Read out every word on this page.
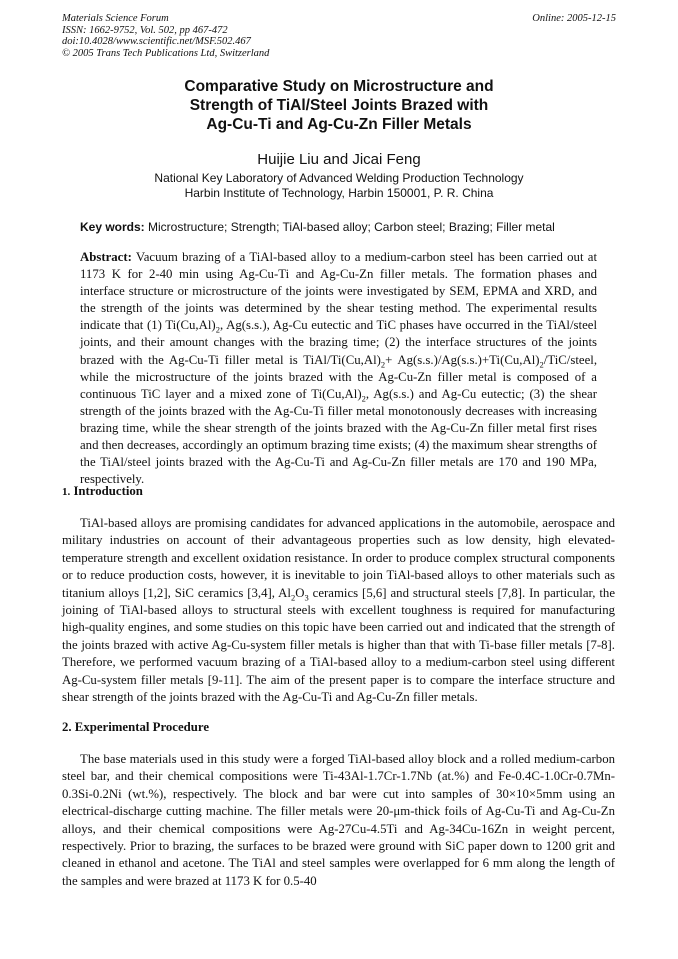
Materials Science Forum
ISSN: 1662-9752, Vol. 502, pp 467-472
doi:10.4028/www.scientific.net/MSF.502.467
© 2005 Trans Tech Publications Ltd, Switzerland
Online: 2005-12-15
Comparative Study on Microstructure and
Strength of TiAl/Steel Joints Brazed with
Ag-Cu-Ti and Ag-Cu-Zn Filler Metals
Huijie Liu and Jicai Feng
National Key Laboratory of Advanced Welding Production Technology
Harbin Institute of Technology, Harbin 150001, P. R. China
Key words: Microstructure; Strength; TiAl-based alloy; Carbon steel; Brazing; Filler metal
Abstract: Vacuum brazing of a TiAl-based alloy to a medium-carbon steel has been carried out at 1173 K for 2-40 min using Ag-Cu-Ti and Ag-Cu-Zn filler metals. The formation phases and interface structure or microstructure of the joints were investigated by SEM, EPMA and XRD, and the strength of the joints was determined by the shear testing method. The experimental results indicate that (1) $Ti(Cu,Al)_2$, Ag(s.s.), Ag-Cu eutectic and TiC phases have occurred in the TiAl/steel joints, and their amount changes with the brazing time; (2) the interface structures of the joints brazed with the Ag-Cu-Ti filler metal is TiAl/$Ti(Cu,Al)_2+$ $Ag(s.s.)/Ag(s.s.)+Ti(Cu,Al)_2/TiC$/steel, while the microstructure of the joints brazed with the Ag-Cu-Zn filler metal is composed of a continuous TiC layer and a mixed zone of $Ti(Cu,Al)_2$, Ag(s.s.) and Ag-Cu eutectic; (3) the shear strength of the joints brazed with the Ag-Cu-Ti filler metal monotonously decreases with increasing brazing time, while the shear strength of the joints brazed with the Ag-Cu-Zn filler metal first rises and then decreases, accordingly an optimum brazing time exists; (4) the maximum shear strengths of the TiAl/steel joints brazed with the Ag-Cu-Ti and Ag-Cu-Zn filler metals are 170 and 190 MPa, respectively.
1. Introduction
TiAl-based alloys are promising candidates for advanced applications in the automobile, aerospace and military industries on account of their advantageous properties such as low density, high elevated-temperature strength and excellent oxidation resistance. In order to produce complex structural components or to reduce production costs, however, it is inevitable to join TiAl-based alloys to other materials such as titanium alloys [1,2], SiC ceramics [3,4], $Al_2O_3$ ceramics [5,6] and structural steels [7,8]. In particular, the joining of TiAl-based alloys to structural steels with excellent toughness is required for manufacturing high-quality engines, and some studies on this topic have been carried out and indicated that the strength of the joints brazed with active Ag-Cu-system filler metals is higher than that with Ti-base filler metals [7-8]. Therefore, we performed vacuum brazing of a TiAl-based alloy to a medium-carbon steel using different Ag-Cu-system filler metals [9-11]. The aim of the present paper is to compare the interface structure and shear strength of the joints brazed with the Ag-Cu-Ti and Ag-Cu-Zn filler metals.
2. Experimental Procedure
The base materials used in this study were a forged TiAl-based alloy block and a rolled medium-carbon steel bar, and their chemical compositions were Ti-43Al-1.7Cr-1.7Nb (at.%) and Fe-0.4C-1.0Cr-0.7Mn-0.3Si-0.2Ni (wt.%), respectively. The block and bar were cut into samples of 30×10×5mm using an electrical-discharge cutting machine. The filler metals were 20-μm-thick foils of Ag-Cu-Ti and Ag-Cu-Zn alloys, and their chemical compositions were Ag-27Cu-4.5Ti and Ag-34Cu-16Zn in weight percent, respectively. Prior to brazing, the surfaces to be brazed were ground with SiC paper down to 1200 grit and cleaned in ethanol and acetone. The TiAl and steel samples were overlapped for 6 mm along the length of the samples and were brazed at 1173 K for 0.5-40
